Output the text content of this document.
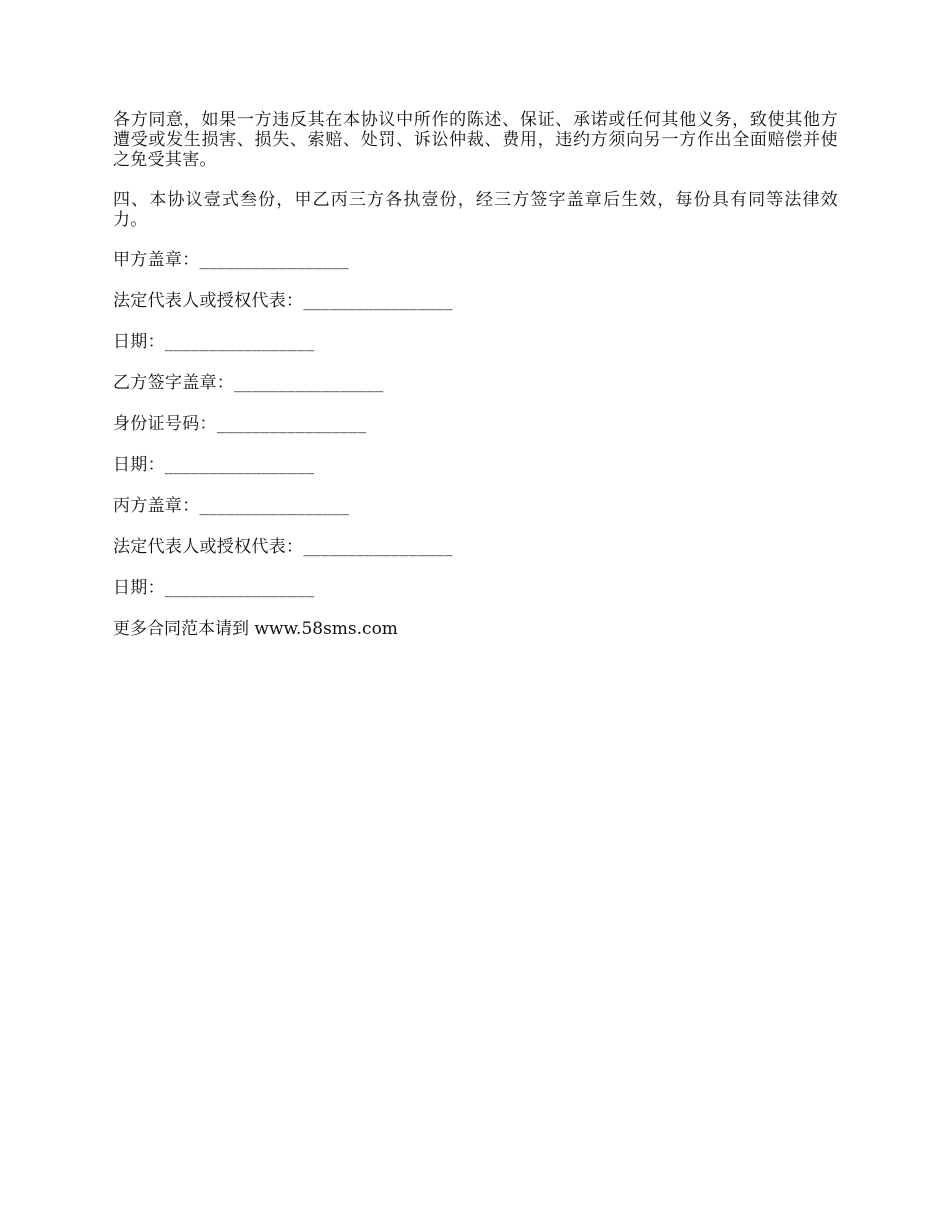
各方同意，如果一方违反其在本协议中所作的陈述、保证、承诺或任何其他义务，致使其他方遭受或发生损害、损失、索赔、处罚、诉讼仲裁、费用，违约方须向另一方作出全面赔偿并使之免受其害。

四、本协议壹式叁份，甲乙丙三方各执壹份，经三方签字盖章后生效，每份具有同等法律效力。

甲方盖章：_________________
法定代表人或授权代表：_________________
日期：_________________
乙方签字盖章：_________________
身份证号码：_________________
日期：_________________
丙方盖章：_________________
法定代表人或授权代表：_________________
日期：_________________

更多合同范本请到 www.58sms.com
